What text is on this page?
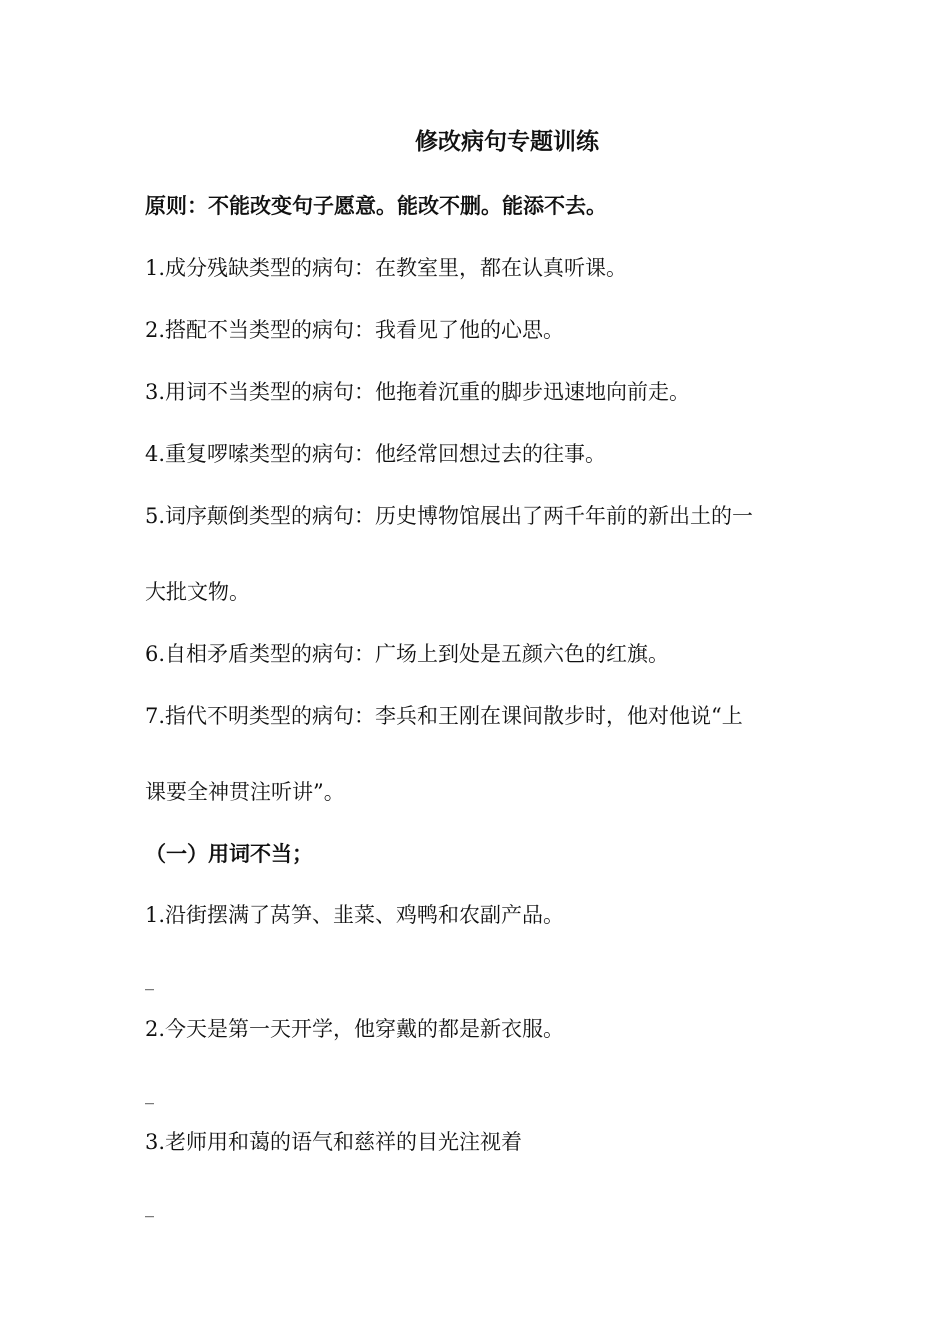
修改病句专题训练
原则：不能改变句子愿意。能改不删。能添不去。
1.成分残缺类型的病句：在教室里，都在认真听课。
2.搭配不当类型的病句：我看见了他的心思。
3.用词不当类型的病句：他拖着沉重的脚步迅速地向前走。
4.重复啰嗦类型的病句：他经常回想过去的往事。
5.词序颠倒类型的病句：历史博物馆展出了两千年前的新出土的一
大批文物。
6.自相矛盾类型的病句：广场上到处是五颜六色的红旗。
7.指代不明类型的病句：李兵和王刚在课间散步时，他对他说“上
课要全神贯注听讲”。
（一）用词不当；
1.沿街摆满了莴笋、韭菜、鸡鸭和农副产品。
_
2.今天是第一天开学，他穿戴的都是新衣服。
_
3.老师用和蔼的语气和慈祥的目光注视着
_
